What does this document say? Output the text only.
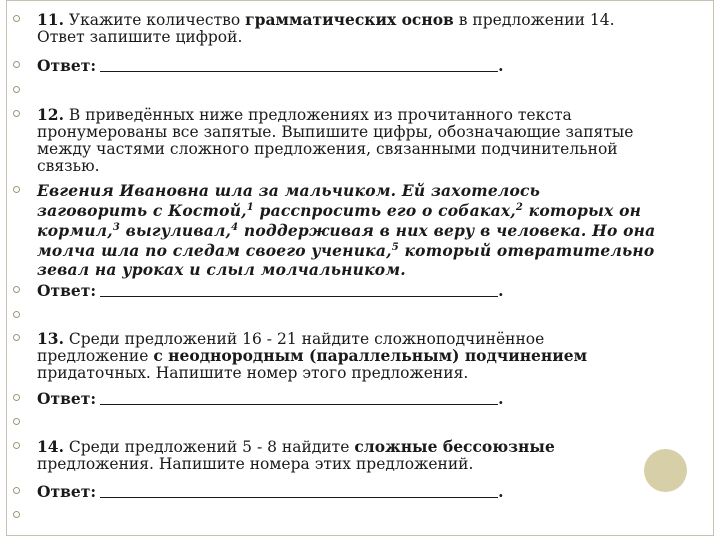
11. Укажите количество грамматических основ в предложении 14.
Ответ запишите цифрой.
Ответ:	.
12. В приведённых ниже предложениях из прочитанного текста
пронумерованы все запятые. Выпишите цифры, обозначающие запятые
между частями сложного предложения, связанными подчинительной
связью.
Евгения Ивановна шла за мальчиком. Ей захотелось
заговорить с Костой,$^1$ расспросить его о собаках,$^2$ которых он
кормил,$^3$ выгуливал,$^4$ поддерживая в них веру в человека. Но она
молча шла по следам своего ученика,$^5$ который отвратительно
зевал на уроках и слыл молчальником.
Ответ:	.
13. Среди предложений 16 - 21 найдите сложноподчинённое
предложение с неоднородным (параллельным) подчинением
придаточных. Напишите номер этого предложения.
Ответ:	.
14. Среди предложений 5 - 8 найдите сложные бессоюзные
предложения. Напишите номера этих предложений.
Ответ:	.
